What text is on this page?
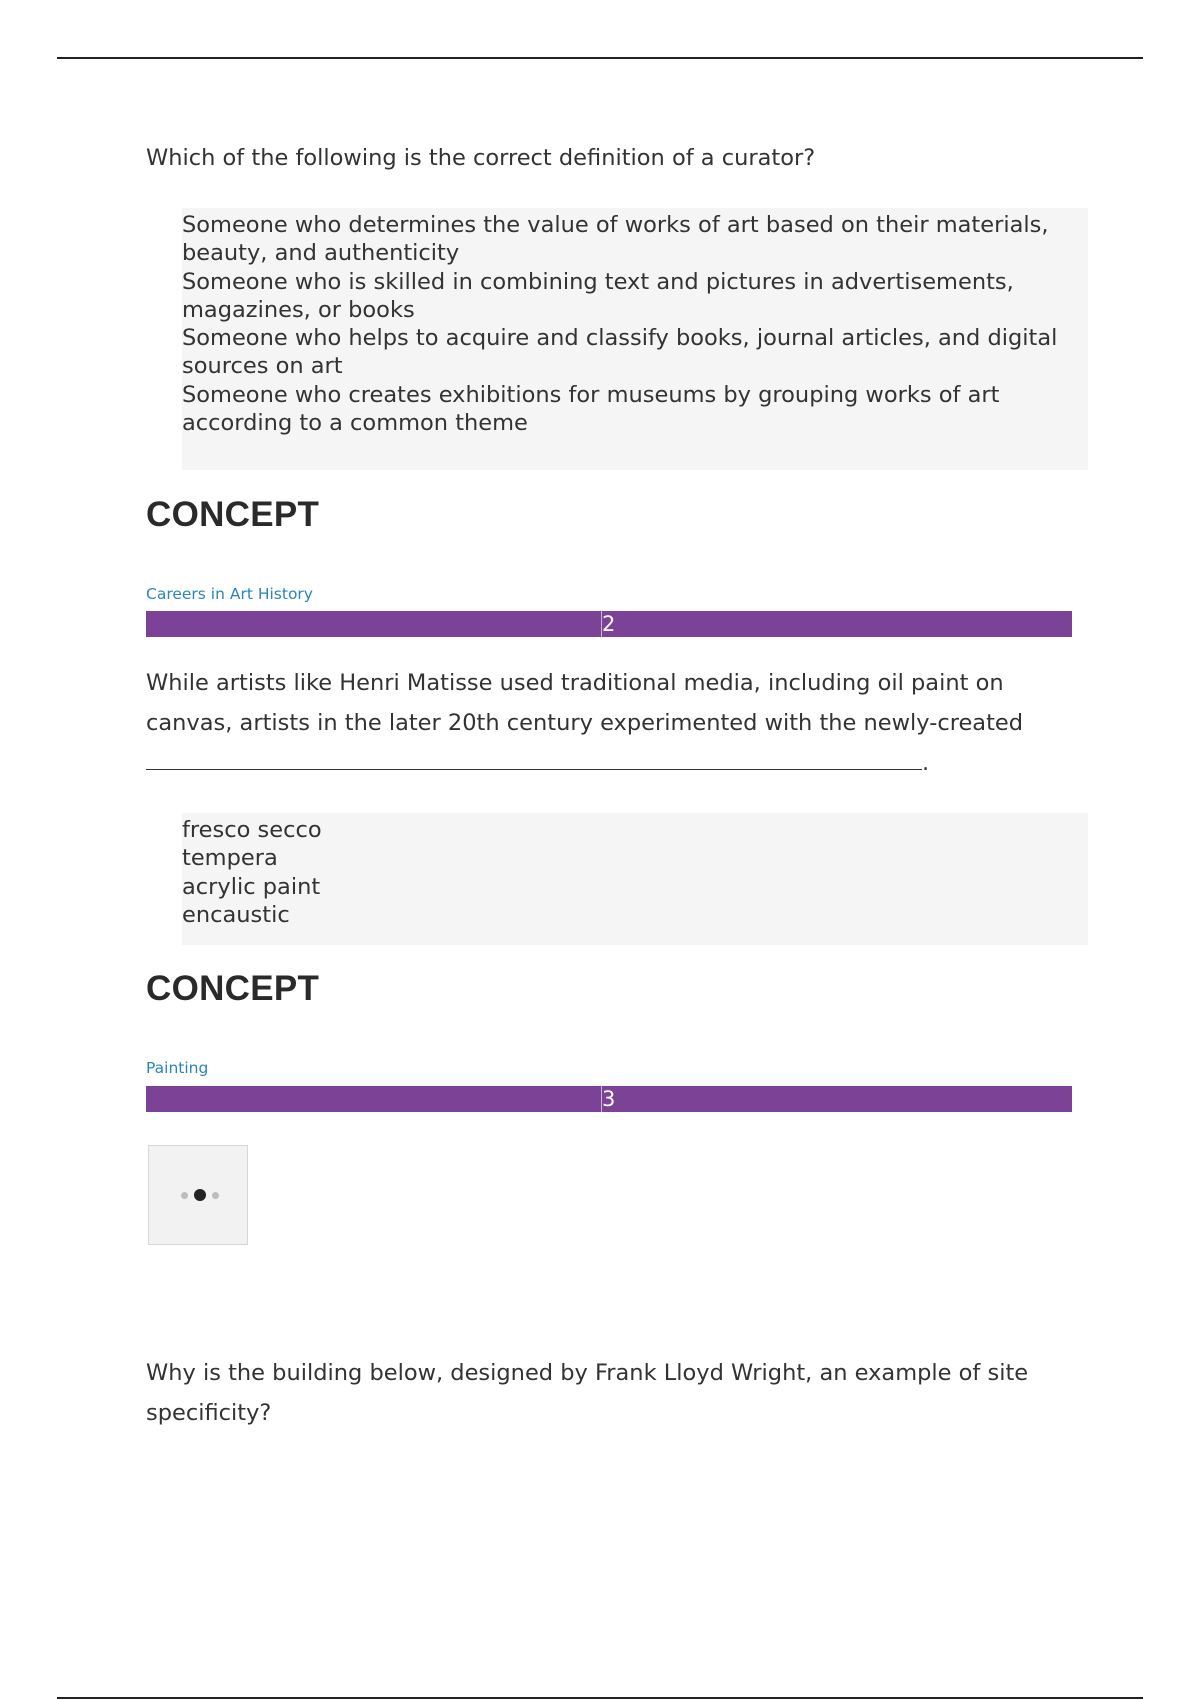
Which of the following is the correct definition of a curator?

Someone who determines the value of works of art based on their materials, beauty, and authenticity
Someone who is skilled in combining text and pictures in advertisements, magazines, or books
Someone who helps to acquire and classify books, journal articles, and digital sources on art
Someone who creates exhibitions for museums by grouping works of art according to a common theme
CONCEPT
Careers in Art History
2

While artists like Henri Matisse used traditional media, including oil paint on canvas, artists in the later 20th century experimented with the newly-created.

fresco secco
tempera
acrylic paint
encaustic
CONCEPT
Painting
3

Why is the building below, designed by Frank Lloyd Wright, an example of site specificity?
